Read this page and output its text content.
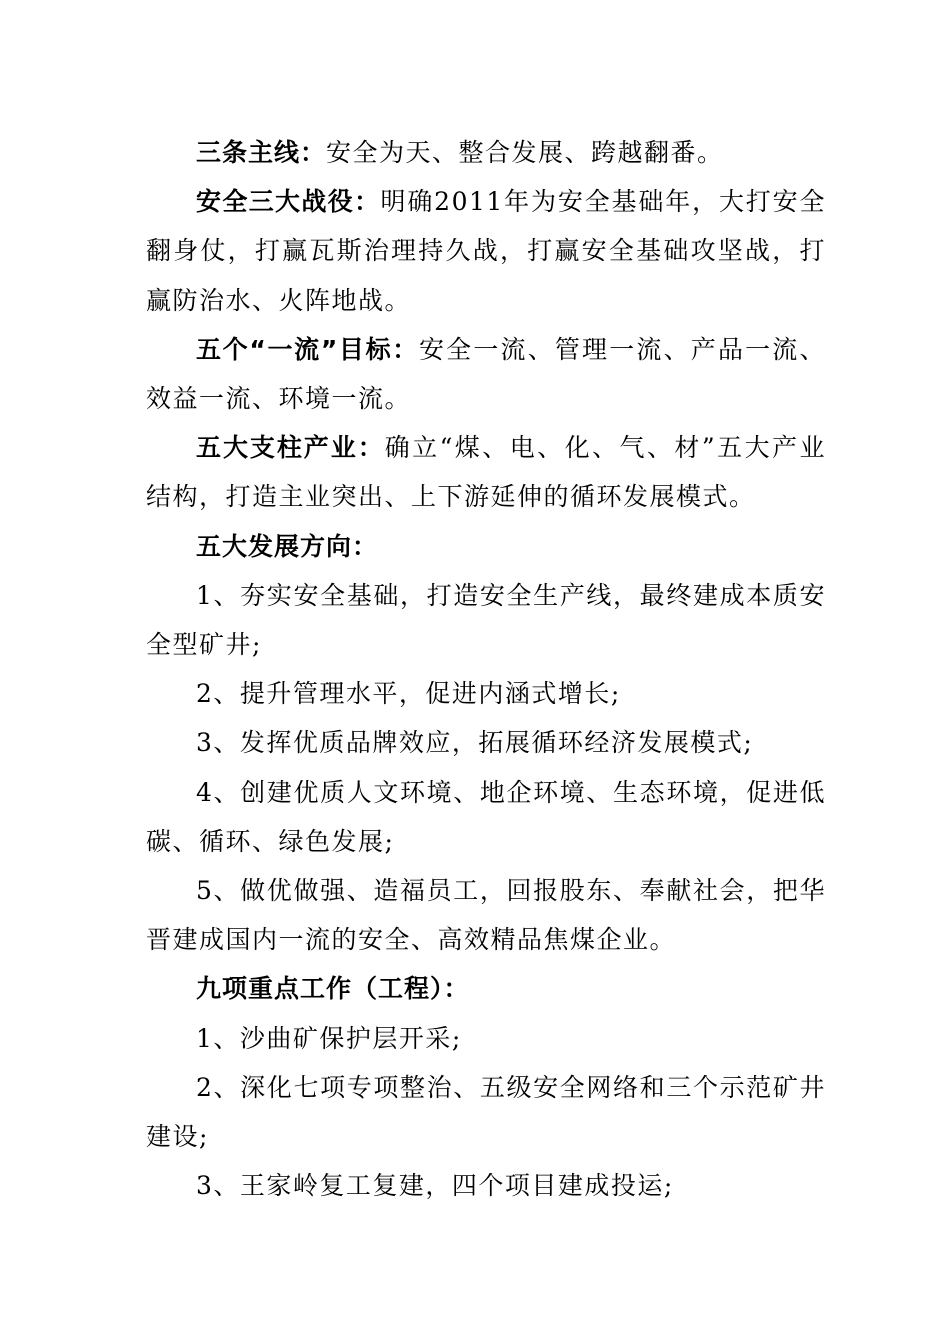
三条主线：安全为天、整合发展、跨越翻番。

安全三大战役：明确2011年为安全基础年，大打安全翻身仗，打赢瓦斯治理持久战，打赢安全基础攻坚战，打赢防治水、火阵地战。

五个“一流”目标：安全一流、管理一流、产品一流、效益一流、环境一流。

五大支柱产业：确立“煤、电、化、气、材”五大产业结构，打造主业突出、上下游延伸的循环发展模式。

五大发展方向：

1、夯实安全基础，打造安全生产线，最终建成本质安全型矿井;

2、提升管理水平，促进内涵式增长;

3、发挥优质品牌效应，拓展循环经济发展模式;

4、创建优质人文环境、地企环境、生态环境，促进低碳、循环、绿色发展;

5、做优做强、造福员工，回报股东、奉献社会，把华晋建成国内一流的安全、高效精品焦煤企业。

九项重点工作（工程）：

1、沙曲矿保护层开采;

2、深化七项专项整治、五级安全网络和三个示范矿井建设;

3、王家岭复工复建，四个项目建成投运;
